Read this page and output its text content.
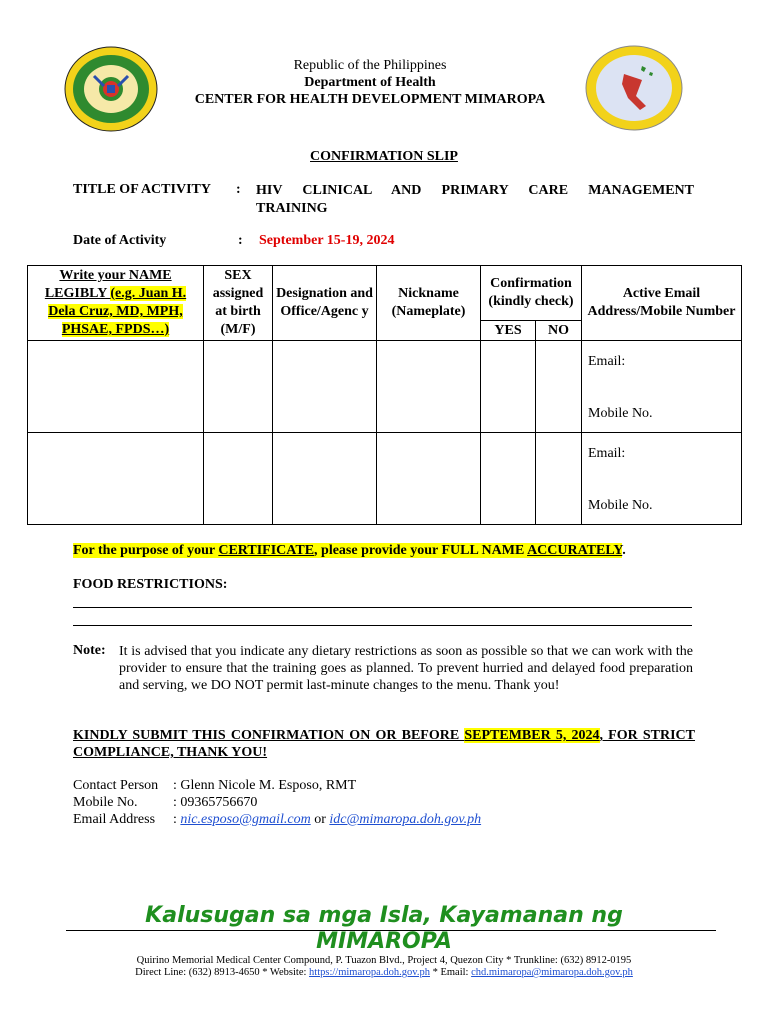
Republic of the Philippines
Department of Health
CENTER FOR HEALTH DEVELOPMENT MIMAROPA
CONFIRMATION SLIP
TITLE OF ACTIVITY : HIV CLINICAL AND PRIMARY CARE MANAGEMENT
TRAINING
Date of Activity	: September 15-19, 2024
Write your NAME LEGIBLY (e.g. Juan H. Dela Cruz, MD, MPH, PHSAE, FPDS…)	SEX assigned at birth (M/F)	Designation and Office/Agenc y	Nickname (Nameplate)	Confirmation (kindly check)		Active Email Address/Mobile Number
				YES	NO	

						Email:
Mobile No.

						Email:
Mobile No.
For the purpose of your CERTIFICATE, please provide your FULL NAME ACCURATELY.
FOOD RESTRICTIONS:
Note: It is advised that you indicate any dietary restrictions as soon as possible so that we can work with the provider to ensure that the training goes as planned. To prevent hurried and delayed food preparation and serving, we DO NOT permit last-minute changes to the menu. Thank you!
KINDLY SUBMIT THIS CONFIRMATION ON OR BEFORE SEPTEMBER 5, 2024, FOR STRICT COMPLIANCE, THANK YOU!
Contact Person : Glenn Nicole M. Esposo, RMT
Mobile No.	: 09365756670
Email Address : nic.esposo@gmail.com or idc@mimaropa.doh.gov.ph
Kalusugan sa mga Isla, Kayamanan ng
MIMAROPA
Quirino Memorial Medical Center Compound, P. Tuazon Blvd., Project 4, Quezon City * Trunkline: (632) 8912-0195
Direct Line: (632) 8913-4650 * Website: https://mimaropa.doh.gov.ph * Email: chd.mimaropa@mimaropa.doh.gov.ph
